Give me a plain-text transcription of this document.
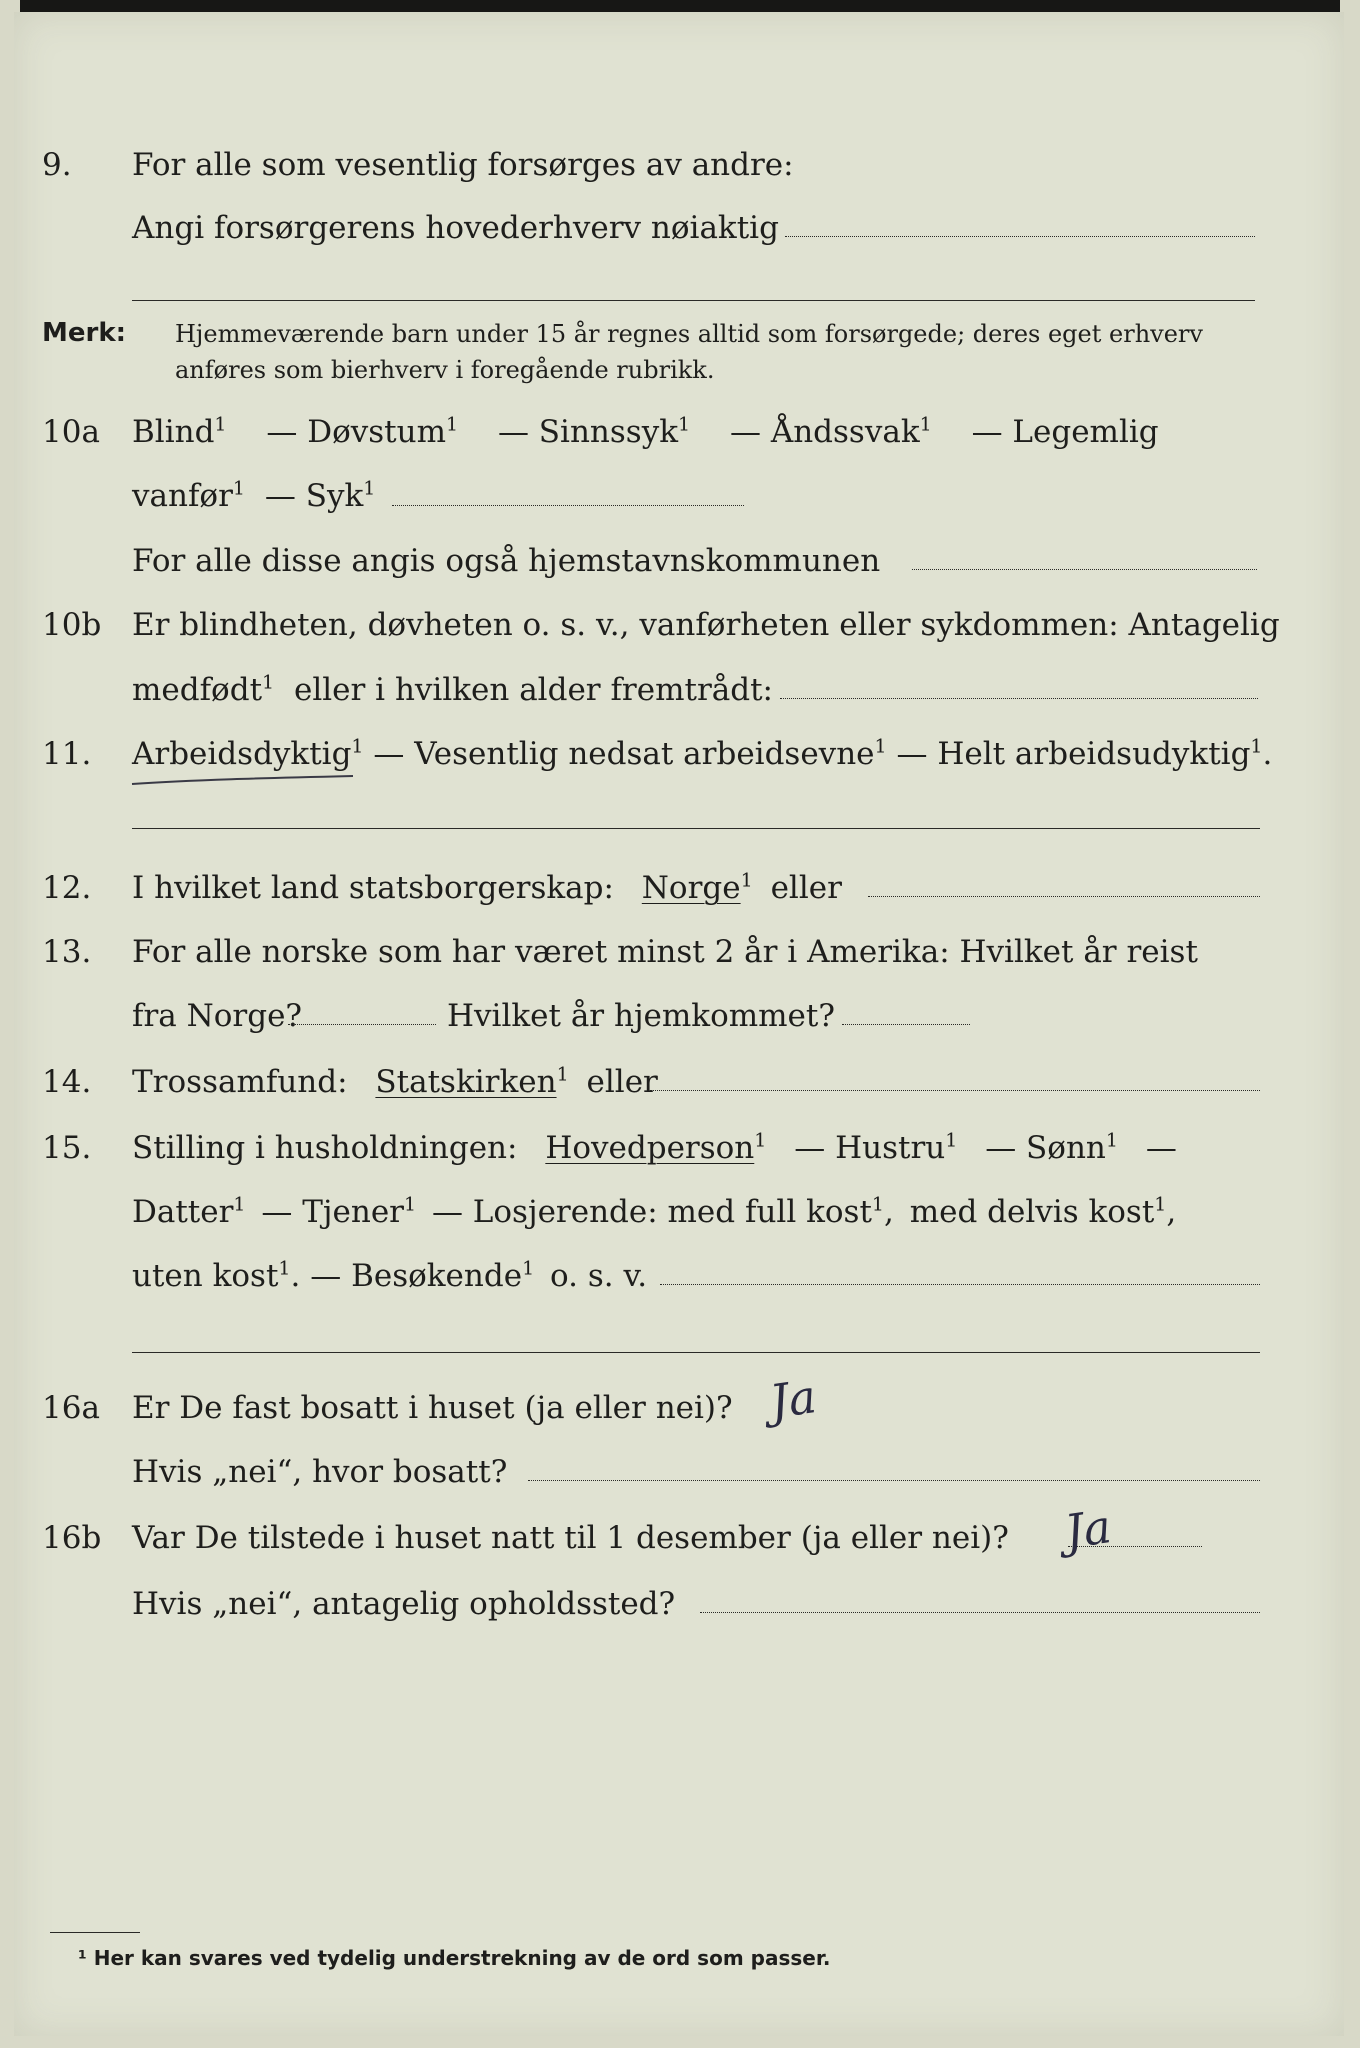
9. For alle som vesentlig forsørges av andre:
Angi forsørgerens hovederhverv nøiaktig
Merk: Hjemmeværende barn under 15 år regnes alltid som forsørgede; deres eget erhverv anføres som bierhverv i foregående rubrikk.
10a Blind$^1$ — Døvstum$^1$ — Sinnssyk$^1$ — Åndssvak$^1$ — Legemlig
vanfør$^1$ — Syk$^1$
For alle disse angis også hjemstavnskommunen
10b Er blindheten, døvheten o. s. v., vanførheten eller sykdommen: Antagelig
medfødt$^1$ eller i hvilken alder fremtrådt:
11. Arbeidsdyktig$^1$ — Vesentlig nedsat arbeidsevne$^1$ — Helt arbeidsudyktig$^1$.
12. I hvilket land statsborgerskap: Norge$^1$ eller
13. For alle norske som har været minst 2 år i Amerika: Hvilket år reist
fra Norge?	Hvilket år hjemkommet?
14. Trossamfund: Statskirken$^1$ eller
15. Stilling i husholdningen: Hovedperson$^1$ — Hustru$^1$ — Sønn$^1$ —
Datter$^1$ — Tjener$^1$ — Losjerende: med full kost$^1$, med delvis kost$^1$,
uten kost$^1$. — Besøkende$^1$ o. s. v.
16a Er De fast bosatt i huset (ja eller nei)? Ja
Hvis „nei“, hvor bosatt?
16b Var De tilstede i huset natt til 1 desember (ja eller nei)? Ja
Hvis „nei“, antagelig opholdssted?
¹ Her kan svares ved tydelig understrekning av de ord som passer.
